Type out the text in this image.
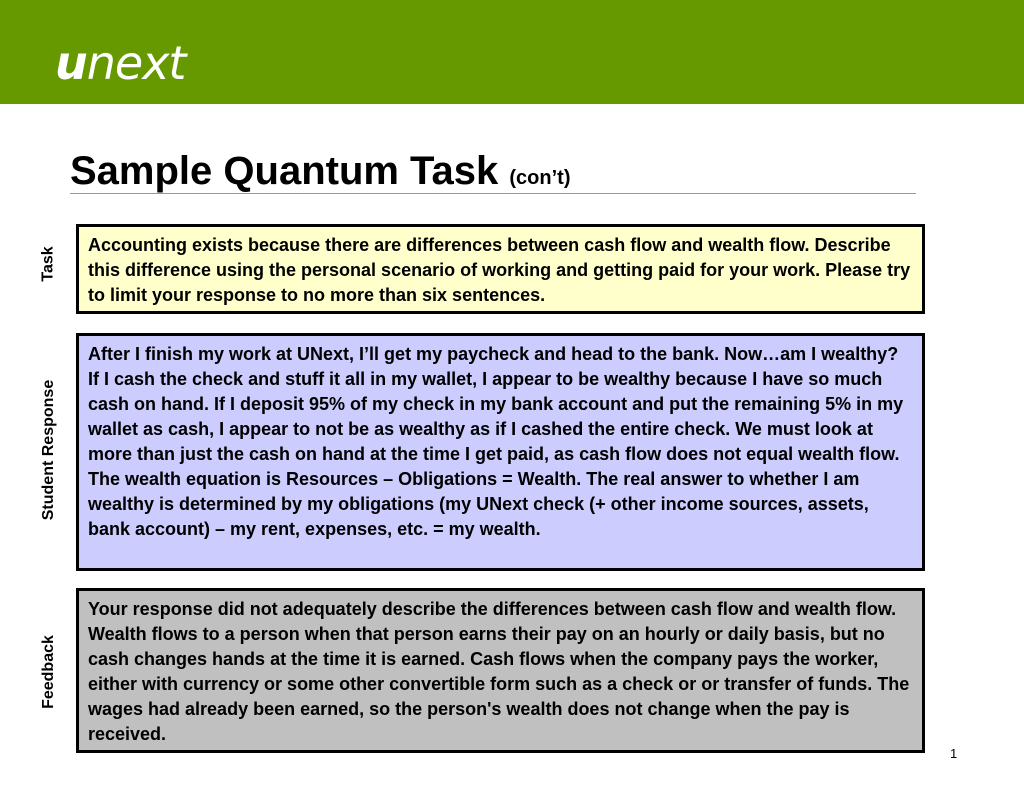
unext
Sample Quantum Task (con’t)
Task
Accounting exists because there are differences between cash flow and wealth flow. Describe this difference using the personal scenario of working and getting paid for your work. Please try to limit your response to no more than six sentences.
Student Response
After I finish my work at UNext, I’ll get my paycheck and head to the bank. Now…am I wealthy? If I cash the check and stuff it all in my wallet, I appear to be wealthy because I have so much cash on hand. If I deposit 95% of my check in my bank account and put the remaining 5% in my wallet as cash, I appear to not be as wealthy as if I cashed the entire check. We must look at more than just the cash on hand at the time I get paid, as cash flow does not equal wealth flow. The wealth equation is Resources – Obligations = Wealth. The real answer to whether I am wealthy is determined by my obligations (my UNext check (+ other income sources, assets, bank account) – my rent, expenses, etc. = my wealth.
Feedback
Your response did not adequately describe the differences between cash flow and wealth flow. Wealth flows to a person when that person earns their pay on an hourly or daily basis, but no cash changes hands at the time it is earned. Cash flows when the company pays the worker, either with currency or some other convertible form such as a check or or transfer of funds. The wages had already been earned, so the person's wealth does not change when the pay is received.
1
